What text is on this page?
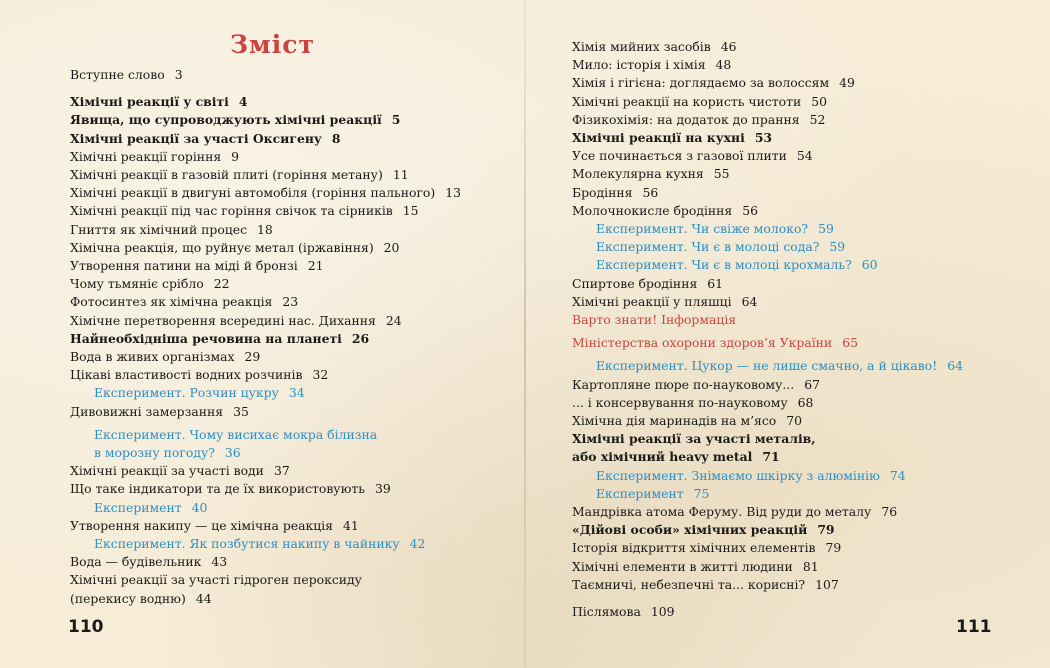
Зміст
Вступне слово 3
Хімічні реакції у світі 4
Явища, що супроводжують хімічні реакції 5
Хімічні реакції за участі Оксигену 8
Хімічні реакції горіння 9
Хімічні реакції в газовій плиті (горіння метану) 11
Хімічні реакції в двигуні автомобіля (горіння пального) 13
Хімічні реакції під час горіння свічок та сірників 15
Гниття як хімічний процес 18
Хімічна реакція, що руйнує метал (іржавіння) 20
Утворення патини на міді й бронзі 21
Чому тьмяніє срібло 22
Фотосинтез як хімічна реакція 23
Хімічне перетворення всередині нас. Дихання 24
Найнеобхідніша речовина на планеті 26
Вода в живих організмах 29
Цікаві властивості водних розчинів 32
Експеримент. Розчин цукру 34
Дивовижні замерзання 35
Експеримент. Чому висихає мокра білизна
в морозну погоду? 36
Хімічні реакції за участі води 37
Що таке індикатори та де їх використовують 39
Експеримент 40
Утворення накипу — це хімічна реакція 41
Експеримент. Як позбутися накипу в чайнику 42
Вода — будівельник 43
Хімічні реакції за участі гідроген пероксиду
(перекису водню) 44
110
Хімія мийних засобів 46
Мило: історія і хімія 48
Хімія і гігієна: доглядаємо за волоссям 49
Хімічні реакції на користь чистоти 50
Фізикохімія: на додаток до прання 52
Хімічні реакції на кухні 53
Усе починається з газової плити 54
Молекулярна кухня 55
Бродіння 56
Молочнокисле бродіння 56
Експеримент. Чи свіже молоко? 59
Експеримент. Чи є в молоці сода? 59
Експеримент. Чи є в молоці крохмаль? 60
Спиртове бродіння 61
Хімічні реакції у пляшці 64
Варто знати! Інформація
Міністерства охорони здоров’я України 65
Експеримент. Цукор — не лише смачно, а й цікаво! 64
Картопляне пюре по-науковому... 67
... і консервування по-науковому 68
Хімічна дія маринадів на м’ясо 70
Хімічні реакції за участі металів,
або хімічний heavy metal 71
Експеримент. Знімаємо шкірку з алюмінію 74
Експеримент 75
Мандрівка атома Феруму. Від руди до металу 76
«Дійові особи» хімічних реакцій 79
Історія відкриття хімічних елементів 79
Хімічні елементи в житті людини 81
Таємничі, небезпечні та... корисні? 107
Післямова 109
111
